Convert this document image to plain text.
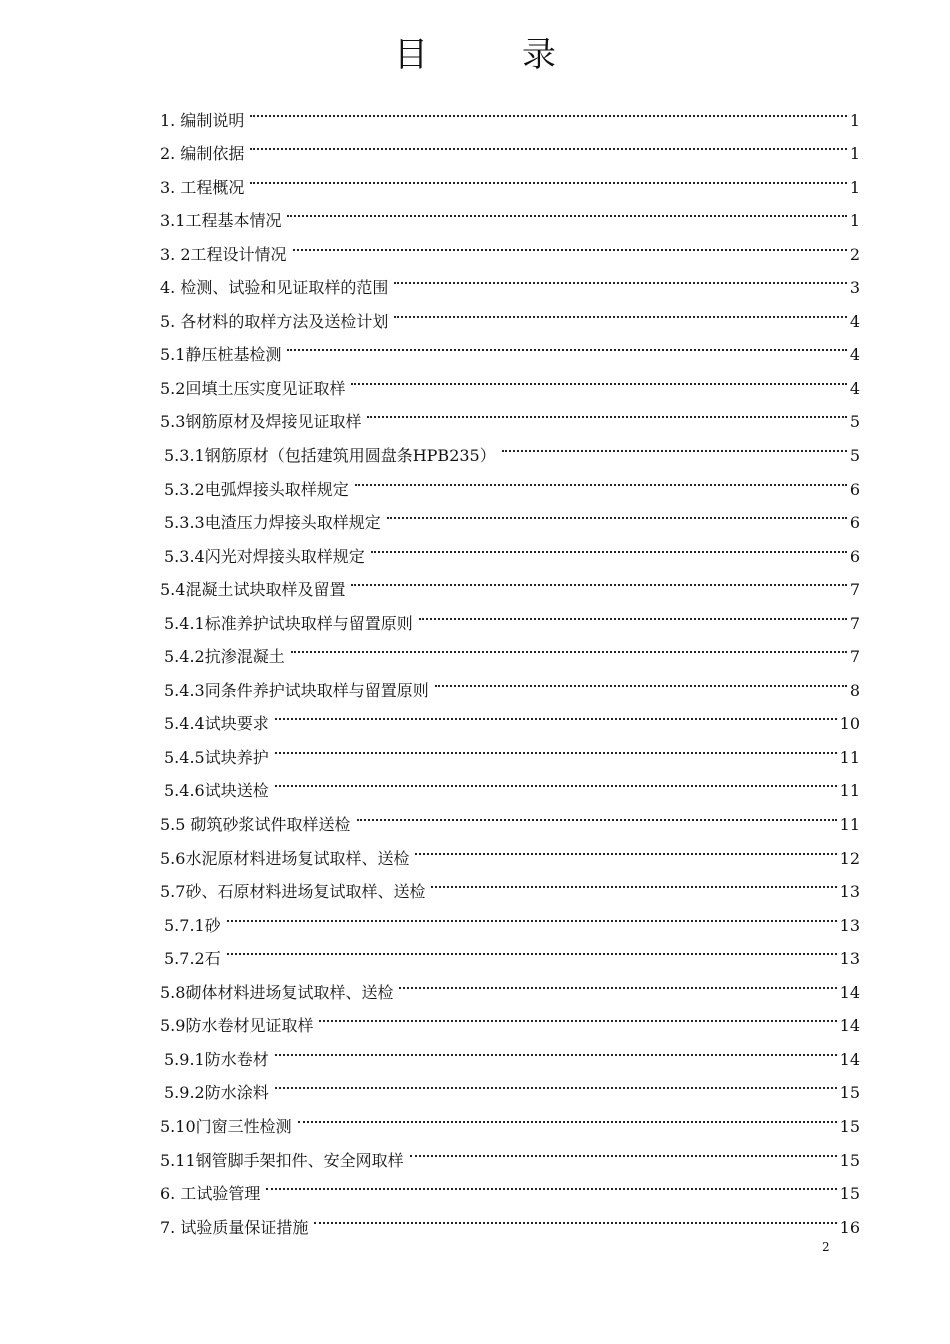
目　录
1. 编制说明	1
2. 编制依据	1
3. 工程概况	1
3.1工程基本情况	1
3. 2工程设计情况	2
4. 检测、试验和见证取样的范围	3
5. 各材料的取样方法及送检计划	4
5.1静压桩基检测	4
5.2回填土压实度见证取样	4
5.3钢筋原材及焊接见证取样	5
5.3.1钢筋原材（包括建筑用圆盘条HPB235）	5
5.3.2电弧焊接头取样规定	6
5.3.3电渣压力焊接头取样规定	6
5.3.4闪光对焊接头取样规定	6
5.4混凝土试块取样及留置	7
5.4.1标准养护试块取样与留置原则	7
5.4.2抗渗混凝土	7
5.4.3同条件养护试块取样与留置原则	8
5.4.4试块要求	10
5.4.5试块养护	11
5.4.6试块送检	11
5.5 砌筑砂浆试件取样送检	11
5.6水泥原材料进场复试取样、送检	12
5.7砂、石原材料进场复试取样、送检	13
5.7.1砂	13
5.7.2石	13
5.8砌体材料进场复试取样、送检	14
5.9防水卷材见证取样	14
5.9.1防水卷材	14
5.9.2防水涂料	15
5.10门窗三性检测	15
5.11钢管脚手架扣件、安全网取样	15
6. 工试验管理	15
7. 试验质量保证措施	16
2
